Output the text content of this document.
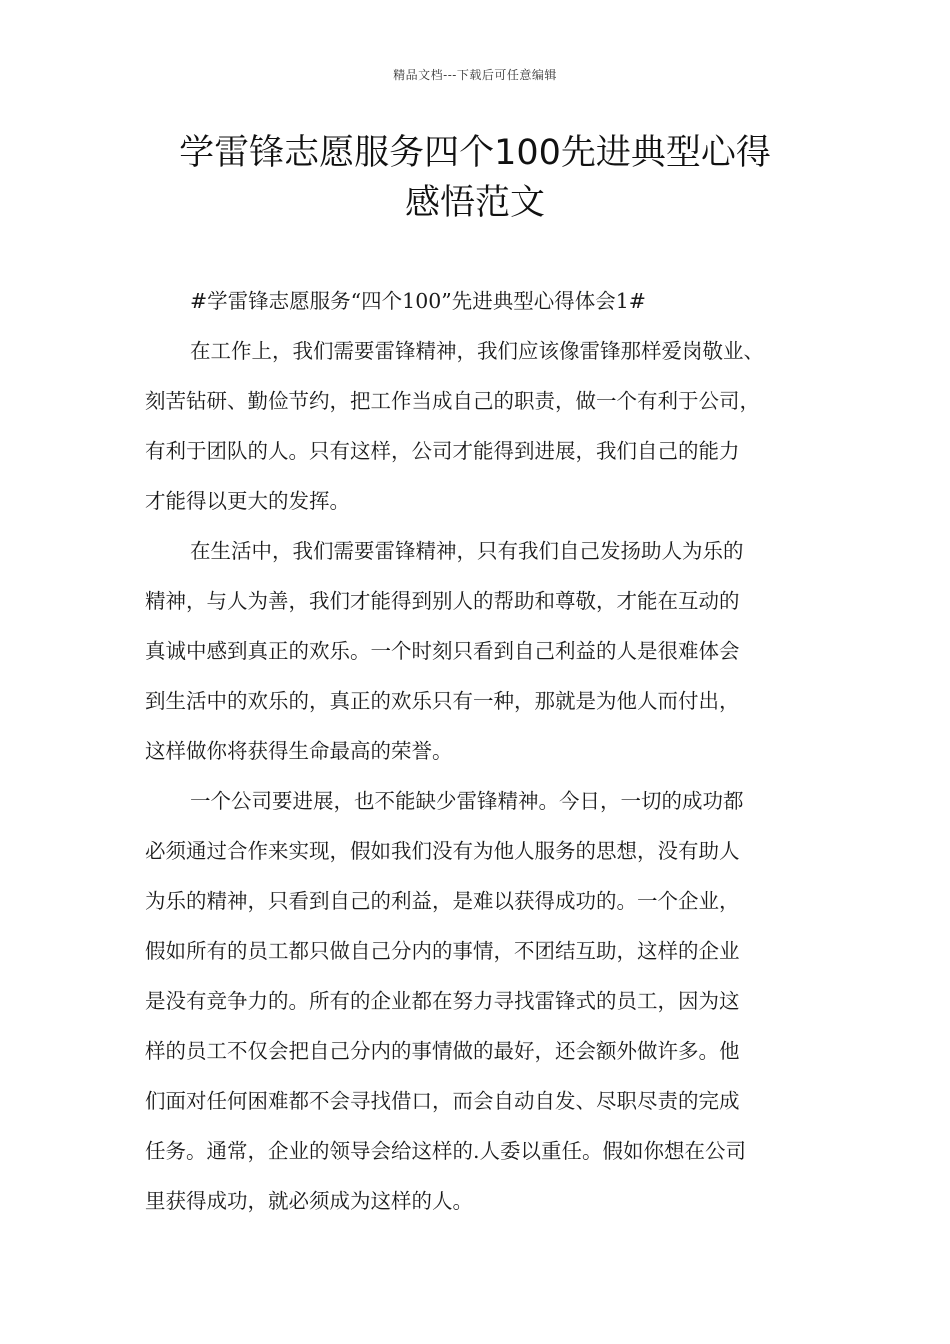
精品文档---下载后可任意编辑
学雷锋志愿服务四个100先进典型心得
感悟范文
#学雷锋志愿服务“四个100”先进典型心得体会1#
在工作上，我们需要雷锋精神，我们应该像雷锋那样爱岗敬业、
刻苦钻研、勤俭节约，把工作当成自己的职责，做一个有利于公司，
有利于团队的人。只有这样，公司才能得到进展，我们自己的能力
才能得以更大的发挥。
在生活中，我们需要雷锋精神，只有我们自己发扬助人为乐的
精神，与人为善，我们才能得到别人的帮助和尊敬，才能在互动的
真诚中感到真正的欢乐。一个时刻只看到自己利益的人是很难体会
到生活中的欢乐的，真正的欢乐只有一种，那就是为他人而付出，
这样做你将获得生命最高的荣誉。
一个公司要进展，也不能缺少雷锋精神。今日，一切的成功都
必须通过合作来实现，假如我们没有为他人服务的思想，没有助人
为乐的精神，只看到自己的利益，是难以获得成功的。一个企业，
假如所有的员工都只做自己分内的事情，不团结互助，这样的企业
是没有竞争力的。所有的企业都在努力寻找雷锋式的员工，因为这
样的员工不仅会把自己分内的事情做的最好，还会额外做许多。他
们面对任何困难都不会寻找借口，而会自动自发、尽职尽责的完成
任务。通常，企业的领导会给这样的.人委以重任。假如你想在公司
里获得成功，就必须成为这样的人。
